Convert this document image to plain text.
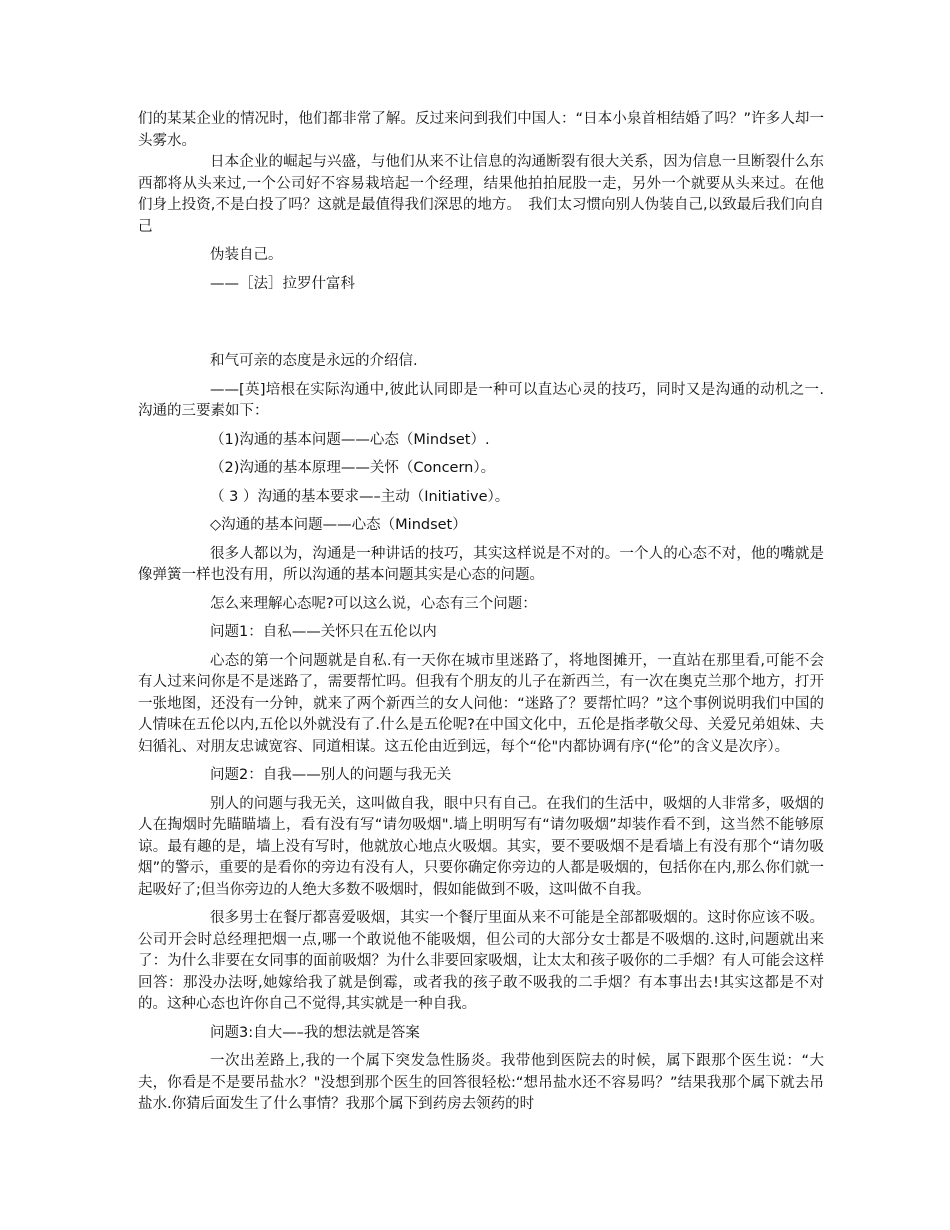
们的某某企业的情况时，他们都非常了解。反过来问到我们中国人：“日本小泉首相结婚了吗？”许多人却一头雾水。

日本企业的崛起与兴盛，与他们从来不让信息的沟通断裂有很大关系，因为信息一旦断裂什么东西都将从头来过,一个公司好不容易栽培起一个经理，结果他拍拍屁股一走，另外一个就要从头来过。在他们身上投资,不是白投了吗？这就是最值得我们深思的地方。　我们太习惯向别人伪装自己,以致最后我们向自己

伪装自己。

——［法］拉罗什富科

和气可亲的态度是永远的介绍信.

——[英]培根在实际沟通中,彼此认同即是一种可以直达心灵的技巧，同时又是沟通的动机之一.沟通的三要素如下：

（1)沟通的基本问题——心态（Mindset）.

（2)沟通的基本原理——关怀（Concern）。

（ 3 ）沟通的基本要求—–主动（Initiative）。

◇沟通的基本问题——心态（Mindset）

很多人都以为，沟通是一种讲话的技巧，其实这样说是不对的。一个人的心态不对，他的嘴就是像弹簧一样也没有用，所以沟通的基本问题其实是心态的问题。

怎么来理解心态呢?可以这么说，心态有三个问题：

问题1：自私——关怀只在五伦以内

心态的第一个问题就是自私.有一天你在城市里迷路了，将地图摊开，一直站在那里看,可能不会有人过来问你是不是迷路了，需要帮忙吗。但我有个朋友的儿子在新西兰，有一次在奥克兰那个地方，打开一张地图，还没有一分钟，就来了两个新西兰的女人问他：“迷路了？要帮忙吗？”这个事例说明我们中国的人情味在五伦以内,五伦以外就没有了.什么是五伦呢?在中国文化中，五伦是指孝敬父母、关爱兄弟姐妹、夫妇循礼、对朋友忠诚宽容、同道相谋。这五伦由近到远，每个“伦"内都协调有序(“伦”的含义是次序）。

问题2：自我——别人的问题与我无关

别人的问题与我无关，这叫做自我，眼中只有自己。在我们的生活中，吸烟的人非常多，吸烟的人在掏烟时先瞄瞄墙上，看有没有写“请勿吸烟".墙上明明写有“请勿吸烟”却装作看不到，这当然不能够原谅。最有趣的是，墙上没有写时，他就放心地点火吸烟。其实，要不要吸烟不是看墙上有没有那个“请勿吸烟”的警示，重要的是看你的旁边有没有人，只要你确定你旁边的人都是吸烟的，包括你在内,那么你们就一起吸好了;但当你旁边的人绝大多数不吸烟时，假如能做到不吸，这叫做不自我。

很多男士在餐厅都喜爱吸烟，其实一个餐厅里面从来不可能是全部都吸烟的。这时你应该不吸。公司开会时总经理把烟一点,哪一个敢说他不能吸烟，但公司的大部分女士都是不吸烟的.这时,问题就出来了：为什么非要在女同事的面前吸烟？为什么非要回家吸烟，让太太和孩子吸你的二手烟？有人可能会这样回答：那没办法呀,她嫁给我了就是倒霉，或者我的孩子敢不吸我的二手烟？有本事出去!其实这都是不对的。这种心态也许你自己不觉得,其实就是一种自我。

问题3:自大—–我的想法就是答案

一次出差路上,我的一个属下突发急性肠炎。我带他到医院去的时候，属下跟那个医生说：“大夫，你看是不是要吊盐水？"没想到那个医生的回答很轻松:“想吊盐水还不容易吗？”结果我那个属下就去吊盐水.你猜后面发生了什么事情？我那个属下到药房去领药的时
